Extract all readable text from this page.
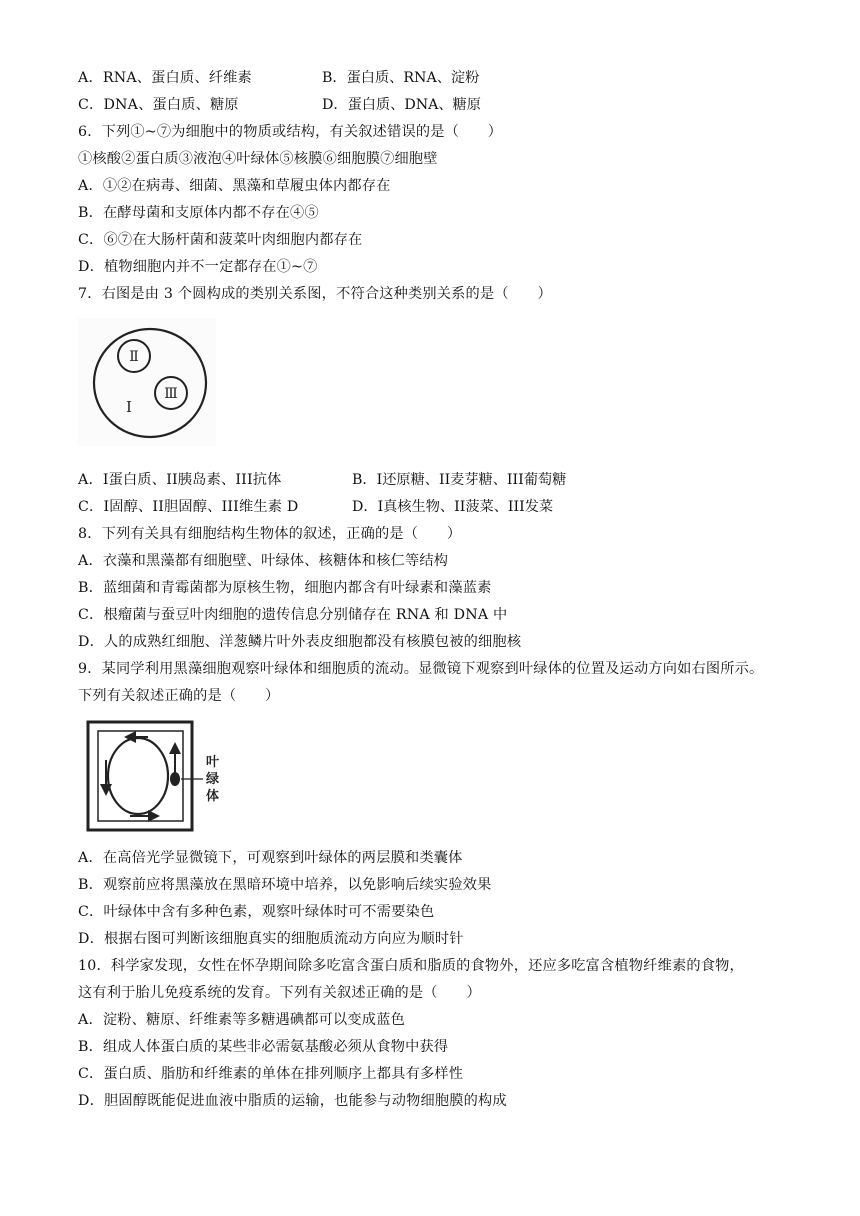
A．RNA、蛋白质、纤维素	B．蛋白质、RNA、淀粉
C．DNA、蛋白质、糖原	D．蛋白质、DNA、糖原
6．下列①~⑦为细胞中的物质或结构，有关叙述错误的是（　　）
①核酸②蛋白质③液泡④叶绿体⑤核膜⑥细胞膜⑦细胞壁
A．①②在病毒、细菌、黑藻和草履虫体内都存在
B．在酵母菌和支原体内都不存在④⑤
C．⑥⑦在大肠杆菌和菠菜叶肉细胞内都存在
D．植物细胞内并不一定都存在①~⑦
7．右图是由 3 个圆构成的类别关系图，不符合这种类别关系的是（　　）
I
Ⅱ
Ⅲ
A．I蛋白质、II胰岛素、III抗体	B．I还原糖、II麦芽糖、III葡萄糖
C．I固醇、II胆固醇、III维生素 D	D．I真核生物、II菠菜、III发菜
8．下列有关具有细胞结构生物体的叙述，正确的是（　　）
A．衣藻和黑藻都有细胞壁、叶绿体、核糖体和核仁等结构
B．蓝细菌和青霉菌都为原核生物，细胞内都含有叶绿素和藻蓝素
C．根瘤菌与蚕豆叶肉细胞的遗传信息分别储存在 RNA 和 DNA 中
D．人的成熟红细胞、洋葱鳞片叶外表皮细胞都没有核膜包被的细胞核
9．某同学利用黑藻细胞观察叶绿体和细胞质的流动。显微镜下观察到叶绿体的位置及运动方向如右图所示。
下列有关叙述正确的是（　　）
叶 绿 体
A．在高倍光学显微镜下，可观察到叶绿体的两层膜和类囊体
B．观察前应将黑藻放在黑暗环境中培养，以免影响后续实验效果
C．叶绿体中含有多种色素，观察叶绿体时可不需要染色
D．根据右图可判断该细胞真实的细胞质流动方向应为顺时针
10．科学家发现，女性在怀孕期间除多吃富含蛋白质和脂质的食物外，还应多吃富含植物纤维素的食物，
这有利于胎儿免疫系统的发育。下列有关叙述正确的是（　　）
A．淀粉、糖原、纤维素等多糖遇碘都可以变成蓝色
B．组成人体蛋白质的某些非必需氨基酸必须从食物中获得
C．蛋白质、脂肪和纤维素的单体在排列顺序上都具有多样性
D．胆固醇既能促进血液中脂质的运输，也能参与动物细胞膜的构成
